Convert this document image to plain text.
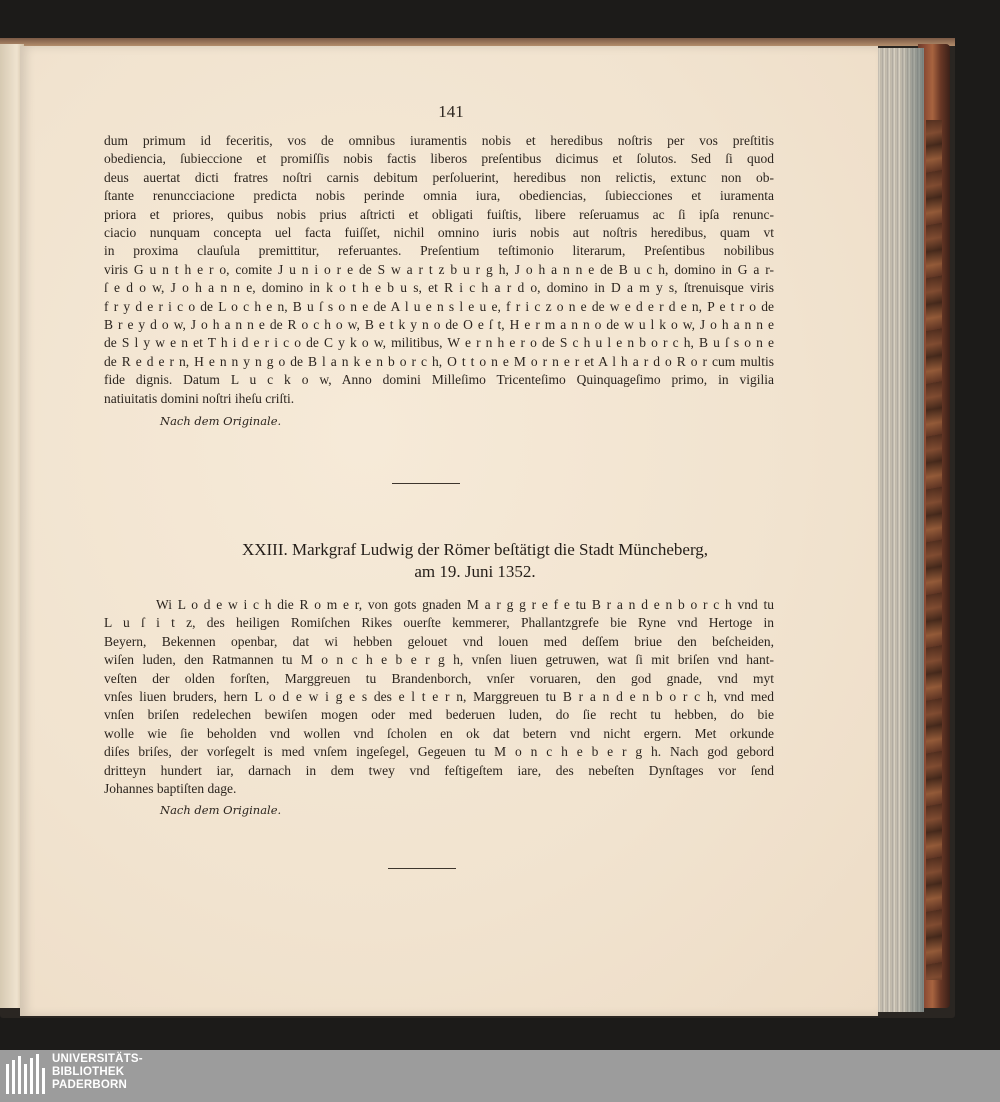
141
dum primum id feceritis, vos de omnibus iuramentis nobis et heredibus noſtris per vos preſtitis
obediencia, ſubieccione et promiſſis nobis factis liberos preſentibus dicimus et ſolutos. Sed ſi quod
deus auertat dicti fratres noſtri carnis debitum perſoluerint, heredibus non relictis, extunc non ob-
ſtante renuncciacione predicta nobis perinde omnia iura, obediencias, ſubiecciones et iuramenta
priora et priores, quibus nobis prius aſtricti et obligati fuiſtis, libere reſeruamus ac ſi ipſa renunc-
ciacio nunquam concepta uel facta fuiſſet, nichil omnino iuris nobis aut noſtris heredibus, quam vt
in proxima clauſula premittitur, referuantes. Preſentium teſtimonio literarum, Preſentibus nobilibus
viris G u n t h e r o, comite J u n i o r e de S w a r t z b u r g h, J o h a n n e de B u c h, domino in G a r-
ſ e d o w, J o h a n n e, domino in k o t h e b u s, et R i c h a r d o, domino in D a m y s, ſtrenuisque viris
f r y d e r i c o de L o c h e n, B u ſ s o n e de A l u e n s l e u e, f r i c z o n e de w e d e r d e n, P e t r o de
B r e y d o w, J o h a n n e de R o c h o w, B e t k y n o de O e ſ t, H e r m a n n o de w u l k o w, J o h a n n e
de S l y w e n et T h i d e r i c o de C y k o w, militibus, W e r n h e r o de S c h u l e n b o r c h, B u ſ s o n e
de R e d e r n, H e n n y n g o de B l a n k e n b o r c h, O t t o n e M o r n e r et A l h a r d o R o r cum multis
fide dignis. Datum L u c k o w, Anno domini Milleſimo Tricenteſimo Quinquageſimo primo, in vigilia
natiuitatis domini noſtri iheſu criſti.
Nach dem Originale.
XXIII. Markgraf Ludwig der Römer beſtätigt die Stadt Müncheberg,
am 19. Juni 1352.
Wi L o d e w i c h die R o m e r, von gots gnaden M a r g g r e f e tu B r a n d e n b o r c h vnd tu
L u ſ i t z, des heiligen Romiſchen Rikes ouerſte kemmerer, Phallantzgrefe bie Ryne vnd Hertoge in
Beyern, Bekennen openbar, dat wi hebben gelouet vnd louen med deſſem briue den beſcheiden,
wiſen luden, den Ratmannen tu M o n c h e b e r g h, vnſen liuen getruwen, wat ſi mit briſen vnd hant-
veſten der olden forſten, Marggreuen tu Brandenborch, vnſer voruaren, den god gnade, vnd myt
vnſes liuen bruders, hern L o d e w i g e s des e l t e r n, Marggreuen tu B r a n d e n b o r c h, vnd med
vnſen briſen redelechen bewiſen mogen oder med bederuen luden, do ſie recht tu hebben, do bie
wolle wie ſie beholden vnd wollen vnd ſcholen en ok dat betern vnd nicht ergern. Met orkunde
diſes briſes, der vorſegelt is med vnſem ingeſegel, Gegeuen tu M o n c h e b e r g h. Nach god gebord
dritteyn hundert iar, darnach in dem twey vnd feſtigeſtem iare, des nebeſten Dynſtages vor ſend
Johannes baptiſten dage.
Nach dem Originale.
UNIVERSITÄTS-
BIBLIOTHEK
PADERBORN
